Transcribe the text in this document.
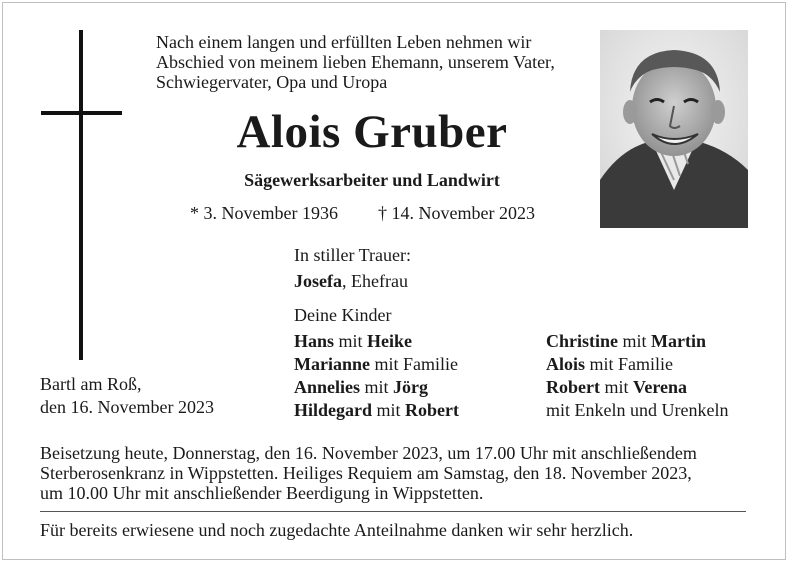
Nach einem langen und erfüllten Leben nehmen wir
Abschied von meinem lieben Ehemann, unserem Vater,
Schwiegervater, Opa und Uropa
Alois Gruber
Sägewerksarbeiter und Landwirt
* 3. November 1936 † 14. November 2023
In stiller Trauer:
Josefa, Ehefrau
Deine Kinder
Hans mit Heike
Marianne mit Familie
Annelies mit Jörg
Hildegard mit Robert
Christine mit Martin
Alois mit Familie
Robert mit Verena
mit Enkeln und Urenkeln
Bartl am Roß,
den 16. November 2023
Beisetzung heute, Donnerstag, den 16. November 2023, um 17.00 Uhr mit anschließendem
Sterberosenkranz in Wippstetten. Heiliges Requiem am Samstag, den 18. November 2023,
um 10.00 Uhr mit anschließender Beerdigung in Wippstetten.
Für bereits erwiesene und noch zugedachte Anteilnahme danken wir sehr herzlich.
